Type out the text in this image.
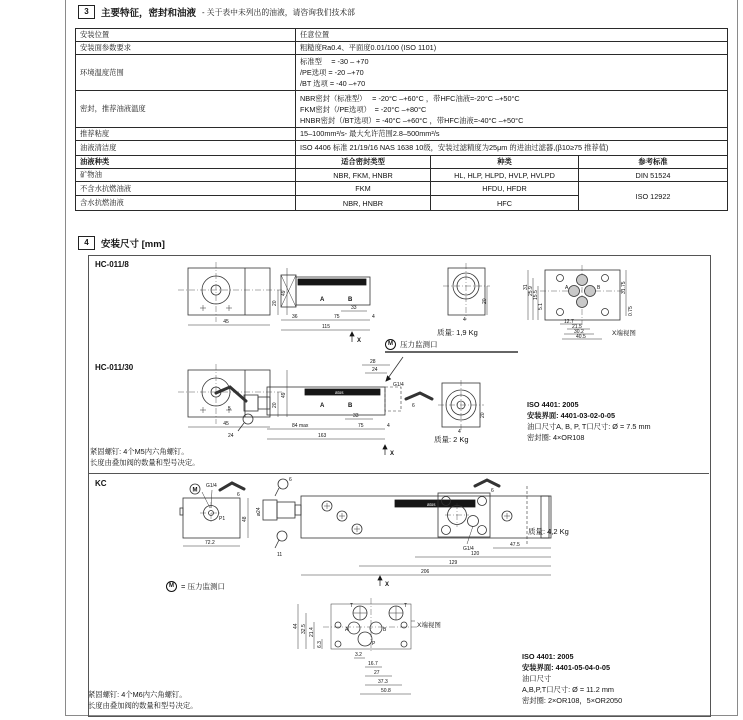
3	主要特征，密封和油液 - 关于表中未列出的油液，请咨询我们技术部
安装位置	任意位置
安装面参数要求	粗糙度Ra0.4、平面度0.01/100 (ISO 1101)
环境温度范围	标准型　 = -30 – +70
/PE选项 = -20 –+70
/BT 选项 = -40 –+70

密封，推荐油液温度	NBR密封（标准型）　 = -20°C –+60°C ，带HFC油液=-20°C –+50°C
FKM密封（/PE选项）　= -20°C –+80°C
HNBR密封（/BT选项）= -40°C –+60°C ，带HFC油液=-40°C –+50°C

推荐粘度	15–100mm²/s- 最大允许范围2.8–500mm²/s
油液清洁度	ISO 4406 标准 21/19/16 NAS 1638 10级，安装过滤精度为25μm 的进油过滤器,(β10≥75 推荐值)
油液种类	适合密封类型	种类	参考标准
矿物油	NBR, FKM, HNBR	HL, HLP, HLPD, HVLP, HVLPD	DIN 51524
不含水抗燃油液	FKM	HFDU, HFDR	ISO 12922
含水抗燃油液	NBR, HNBR	HFC	
4	安装尺寸 [mm]
HC-011/8
45
20
49
A	B
33
36	75	4
115
X
20
4
质量: 1,9 Kg
A	B
31 25.9 15.5
5.1
12.7
21.5
30.2
40.5
31.75
0.75
X端视图
M 压力监测口
HC-011/30
45
20
49
5
24
atos
A	B
28
24
G1/4
6
33
84 max	75	4
163
X
20
4
质量: 2 Kg
ISO 4401: 2005
安装界面: 4401-03-02-0-05
油口尺寸A, B, P, T口尺寸: Ø = 7.5 mm
密封圈: 4×OR108
紧固螺钉: 4个M5内六角螺钉。
长度由叠加阀的数量和型号决定。
KC
M
G1/4
6
P1
72.2
48
6
ø24
11
atos
47.5
120
129
206
X
6
G1/4
质量: 4,2 Kg
M = 压力监测口
T	T
A	B
P
44 32.5 21.4
6.3
3.2
16.7
27
37.3
50.8
X端视图
ISO 4401: 2005
安装界面: 4401-05-04-0-05
油口尺寸
A,B,P,T口尺寸: Ø = 11.2 mm
密封圈: 2×OR108，5×OR2050
紧固螺钉: 4个M6内六角螺钉。
长度由叠加阀的数量和型号决定。
